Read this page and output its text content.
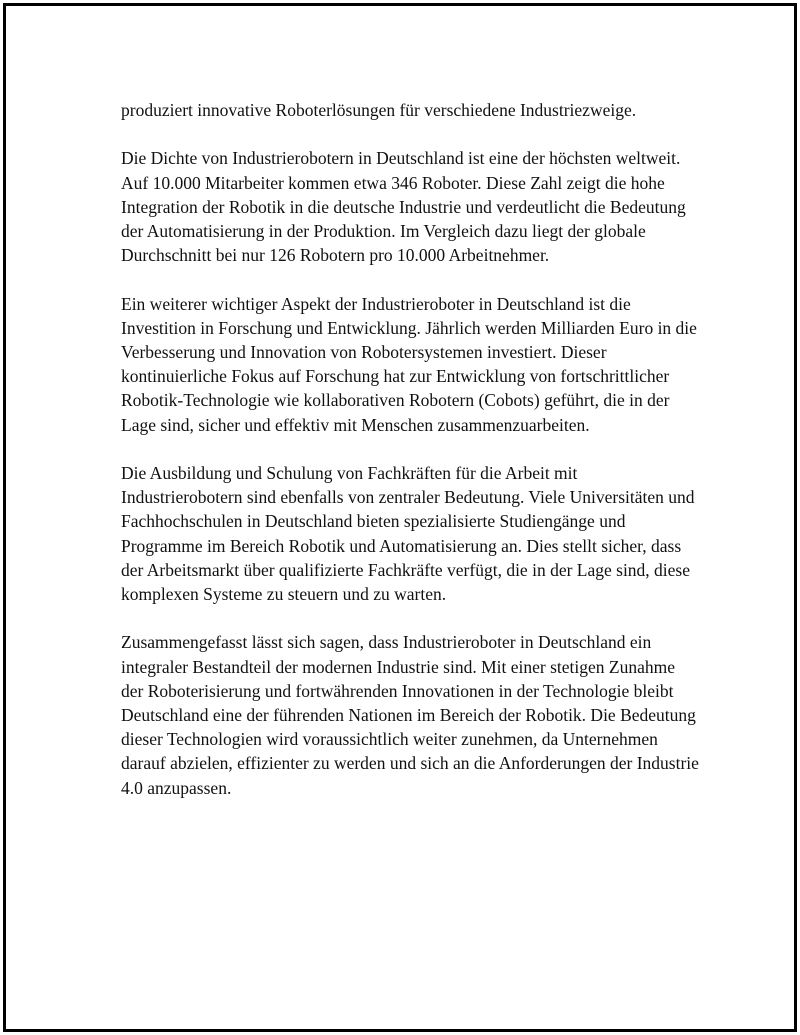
produziert innovative Roboterlösungen für verschiedene Industriezweige.

Die Dichte von Industrierobotern in Deutschland ist eine der höchsten weltweit. Auf 10.000 Mitarbeiter kommen etwa 346 Roboter. Diese Zahl zeigt die hohe Integration der Robotik in die deutsche Industrie und verdeutlicht die Bedeutung der Automatisierung in der Produktion. Im Vergleich dazu liegt der globale Durchschnitt bei nur 126 Robotern pro 10.000 Arbeitnehmer.

Ein weiterer wichtiger Aspekt der Industrieroboter in Deutschland ist die Investition in Forschung und Entwicklung. Jährlich werden Milliarden Euro in die Verbesserung und Innovation von Robotersystemen investiert. Dieser kontinuierliche Fokus auf Forschung hat zur Entwicklung von fortschrittlicher Robotik-Technologie wie kollaborativen Robotern (Cobots) geführt, die in der Lage sind, sicher und effektiv mit Menschen zusammenzuarbeiten.

Die Ausbildung und Schulung von Fachkräften für die Arbeit mit Industrierobotern sind ebenfalls von zentraler Bedeutung. Viele Universitäten und Fachhochschulen in Deutschland bieten spezialisierte Studiengänge und Programme im Bereich Robotik und Automatisierung an. Dies stellt sicher, dass der Arbeitsmarkt über qualifizierte Fachkräfte verfügt, die in der Lage sind, diese komplexen Systeme zu steuern und zu warten.

Zusammengefasst lässt sich sagen, dass Industrieroboter in Deutschland ein integraler Bestandteil der modernen Industrie sind. Mit einer stetigen Zunahme der Roboterisierung und fortwährenden Innovationen in der Technologie bleibt Deutschland eine der führenden Nationen im Bereich der Robotik. Die Bedeutung dieser Technologien wird voraussichtlich weiter zunehmen, da Unternehmen darauf abzielen, effizienter zu werden und sich an die Anforderungen der Industrie 4.0 anzupassen.
